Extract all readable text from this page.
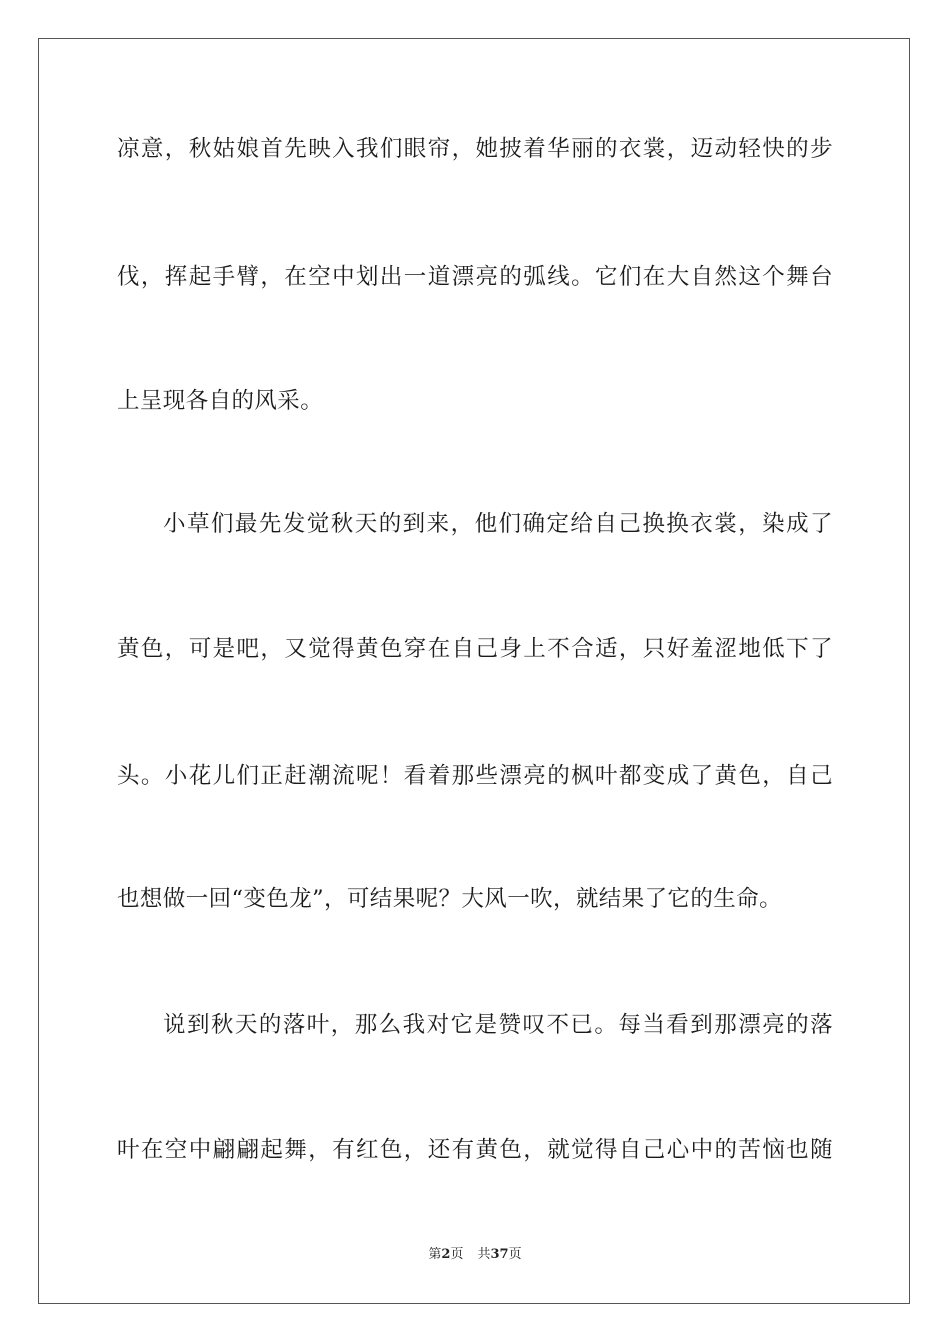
凉意，秋姑娘首先映入我们眼帘，她披着华丽的衣裳，迈动轻快的步
伐，挥起手臂，在空中划出一道漂亮的弧线。它们在大自然这个舞台
上呈现各自的风采。
小草们最先发觉秋天的到来，他们确定给自己换换衣裳，染成了
黄色，可是吧，又觉得黄色穿在自己身上不合适，只好羞涩地低下了
头。小花儿们正赶潮流呢！看着那些漂亮的枫叶都变成了黄色，自己
也想做一回“变色龙”，可结果呢？大风一吹，就结果了它的生命。
说到秋天的落叶，那么我对它是赞叹不已。每当看到那漂亮的落
叶在空中翩翩起舞，有红色，还有黄色，就觉得自己心中的苦恼也随
第2页 共37页
